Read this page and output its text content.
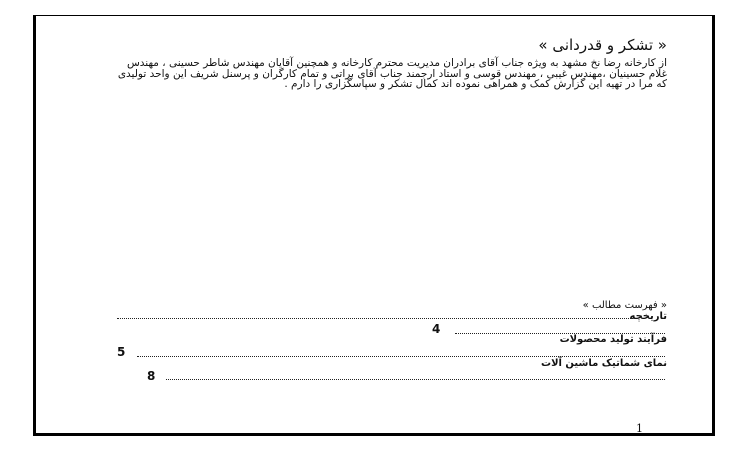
« تشکر و قدردانی »
از کارخانه رضا نخ مشهد به ویژه جناب آقای برادران مدیریت محترم کارخانه و همچنین آقایان مهندس شاطر حسینی ، مهندس غلام حسینیان ،مهندس غیبی ، مهندس قوسی و استاد ارجمند جناب آقای براتی و تمام کارگران و پرسنل شریف این واحد تولیدی که مرا در تهیه این گزارش کمک و همراهی نموده اند کمال تشکر و سپاسگزاری را دارم .
« فهرست مطالب »
تاریخچه
4
فرآیند تولید محصولات
5
نمای شماتیک ماشین آلات
8
1
